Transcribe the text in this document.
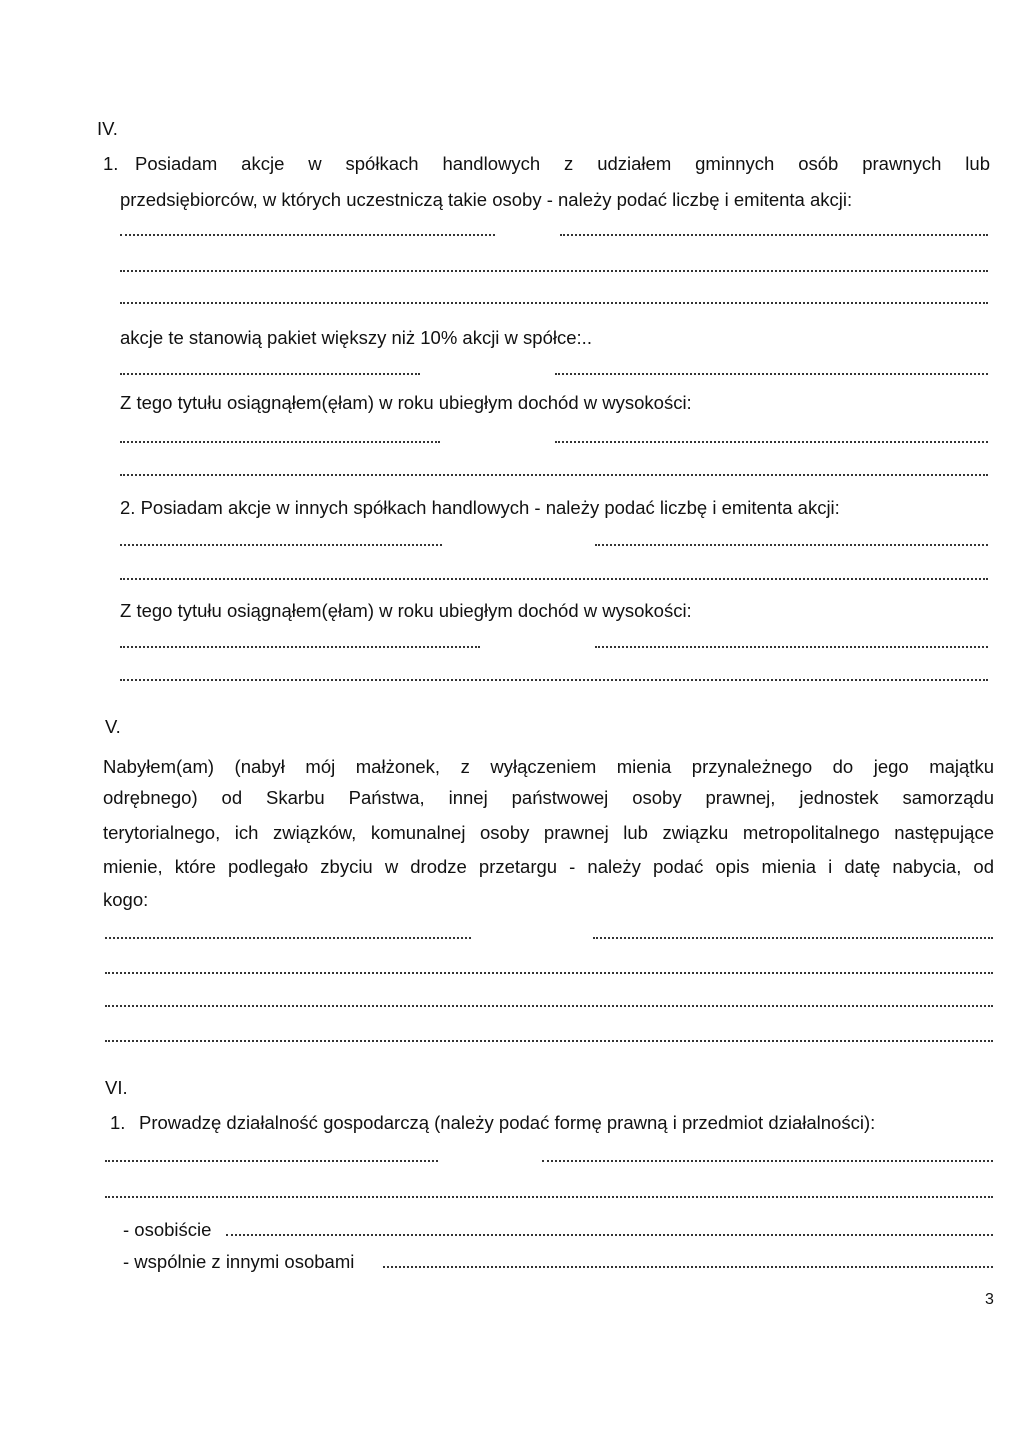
IV.
1. Posiadam akcje w spółkach handlowych z udziałem gminnych osób prawnych lub
przedsiębiorców, w których uczestniczą takie osoby - należy podać liczbę i emitenta akcji:
akcje te stanowią pakiet większy niż 10% akcji w spółce:..
Z tego tytułu osiągnąłem(ęłam) w roku ubiegłym dochód w wysokości:
2. Posiadam akcje w innych spółkach handlowych - należy podać liczbę i emitenta akcji:
Z tego tytułu osiągnąłem(ęłam) w roku ubiegłym dochód w wysokości:
V.
Nabyłem(am) (nabył mój małżonek, z wyłączeniem mienia przynależnego do jego majątku
odrębnego) od Skarbu Państwa, innej państwowej osoby prawnej, jednostek samorządu
terytorialnego, ich związków, komunalnej osoby prawnej lub związku metropolitalnego następujące
mienie, które podlegało zbyciu w drodze przetargu - należy podać opis mienia i datę nabycia, od
kogo:
VI.
1. Prowadzę działalność gospodarczą (należy podać formę prawną i przedmiot działalności):
- osobiście
- wspólnie z innymi osobami
3
